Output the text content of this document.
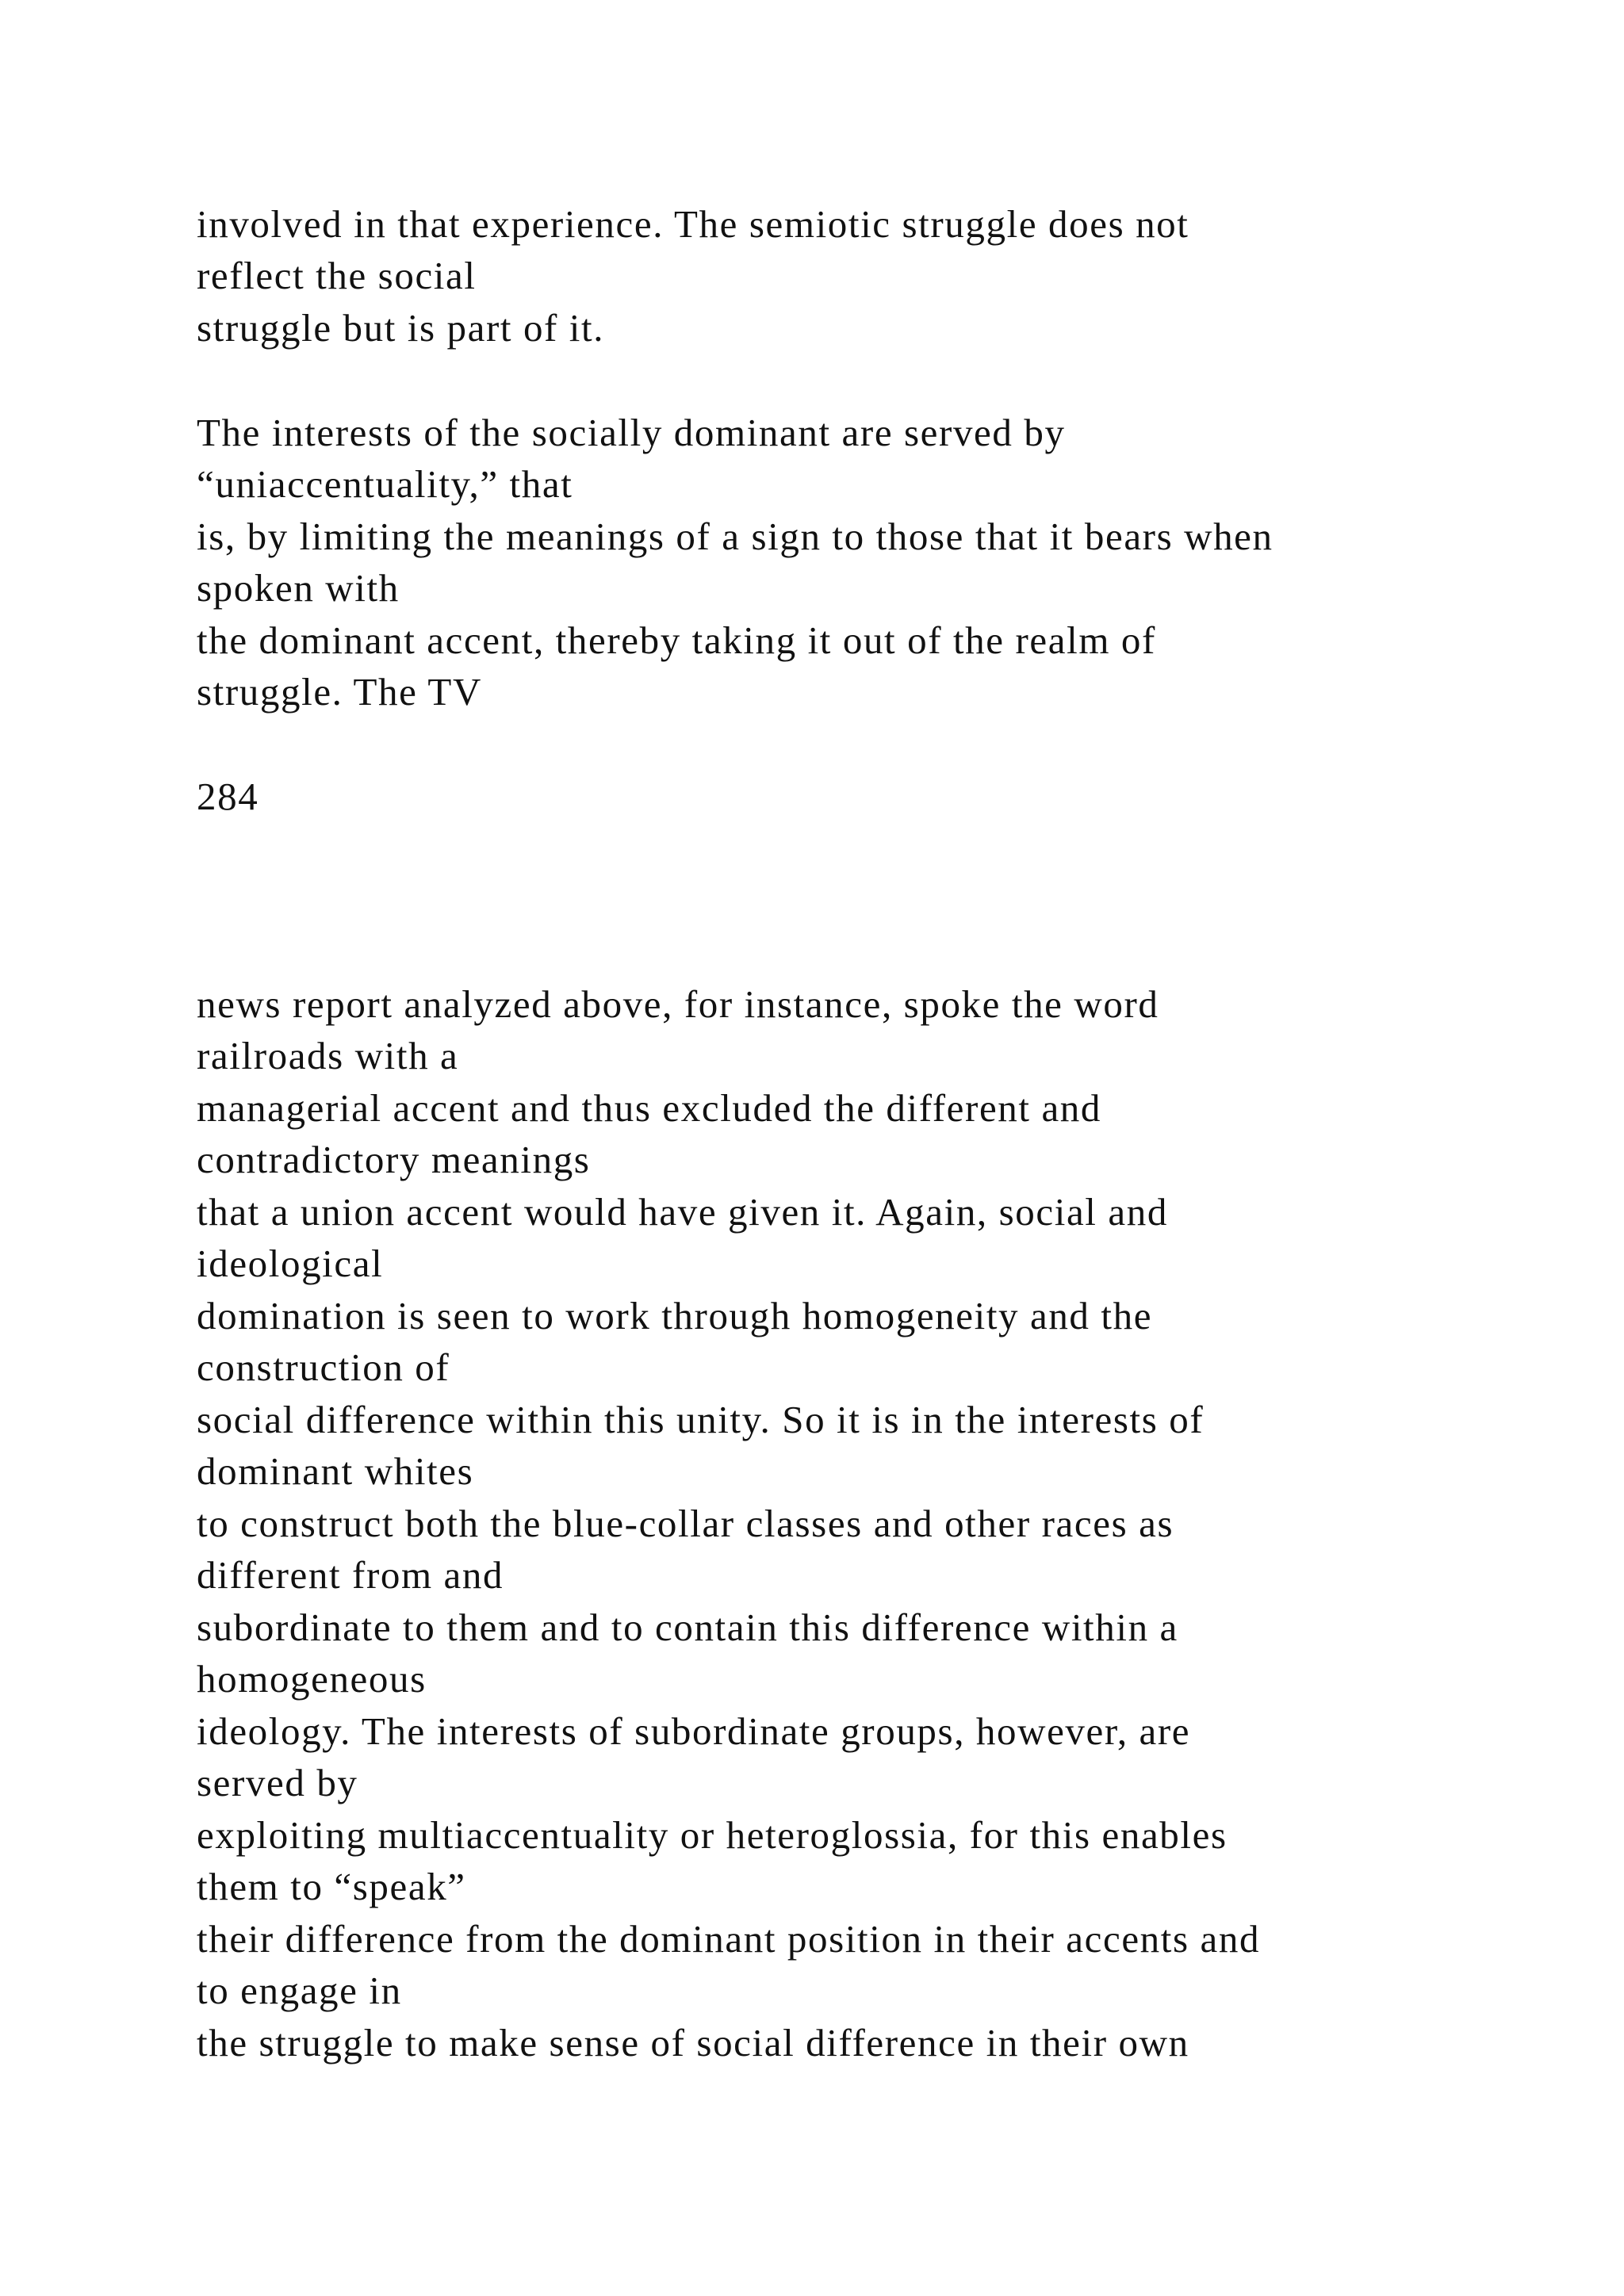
involved in that experience. The semiotic struggle does not
reflect the social
struggle but is part of it.
The interests of the socially dominant are served by
“uniaccentuality,” that
is, by limiting the meanings of a sign to those that it bears when
spoken with
the dominant accent, thereby taking it out of the realm of
struggle. The TV
284
news report analyzed above, for instance, spoke the word
railroads with a
managerial accent and thus excluded the different and
contradictory meanings
that a union accent would have given it. Again, social and
ideological
domination is seen to work through homogeneity and the
construction of
social difference within this unity. So it is in the interests of
dominant whites
to construct both the blue-collar classes and other races as
different from and
subordinate to them and to contain this difference within a
homogeneous
ideology. The interests of subordinate groups, however, are
served by
exploiting multiaccentuality or heteroglossia, for this enables
them to “speak”
their difference from the dominant position in their accents and
to engage in
the struggle to make sense of social difference in their own
